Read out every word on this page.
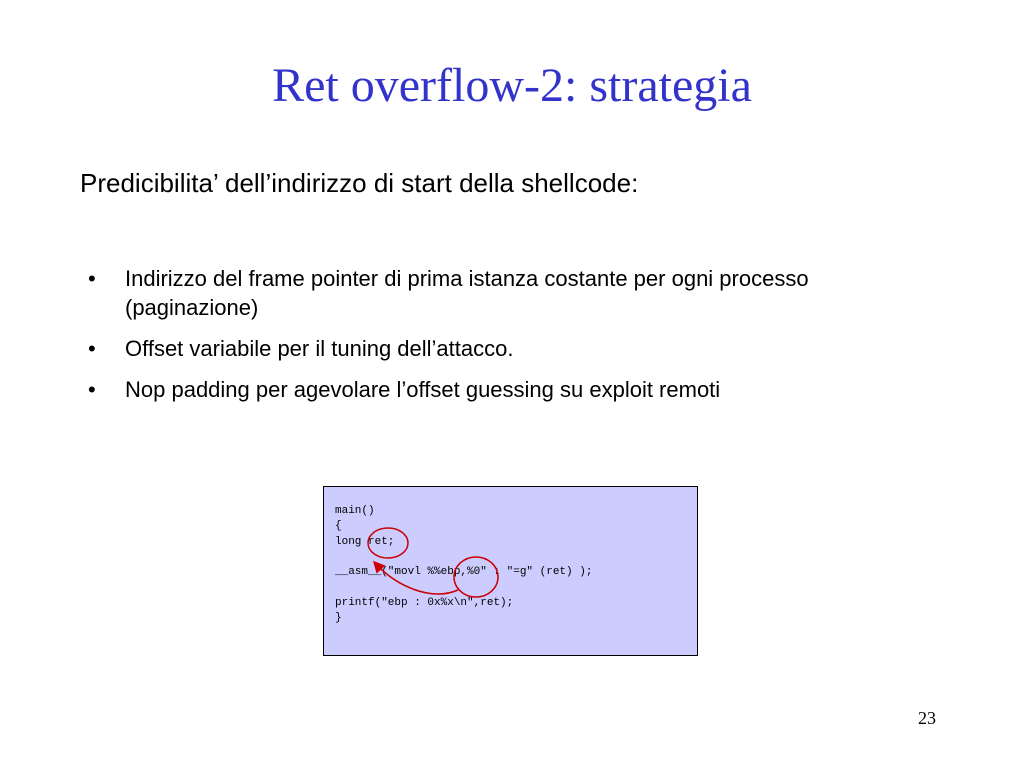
Ret overflow-2: strategia

Predicibilita’ dell’indirizzo di start della shellcode:

• Indirizzo del frame pointer di prima istanza costante per ogni processo (paginazione)
• Offset variabile per il tuning dell’attacco.
• Nop padding per agevolare l’offset guessing su exploit remoti
main()
{
long ret;
__asm__("movl %%ebp,%0" : "=g" (ret) );
printf("ebp : 0x%x\n",ret);
}
23
